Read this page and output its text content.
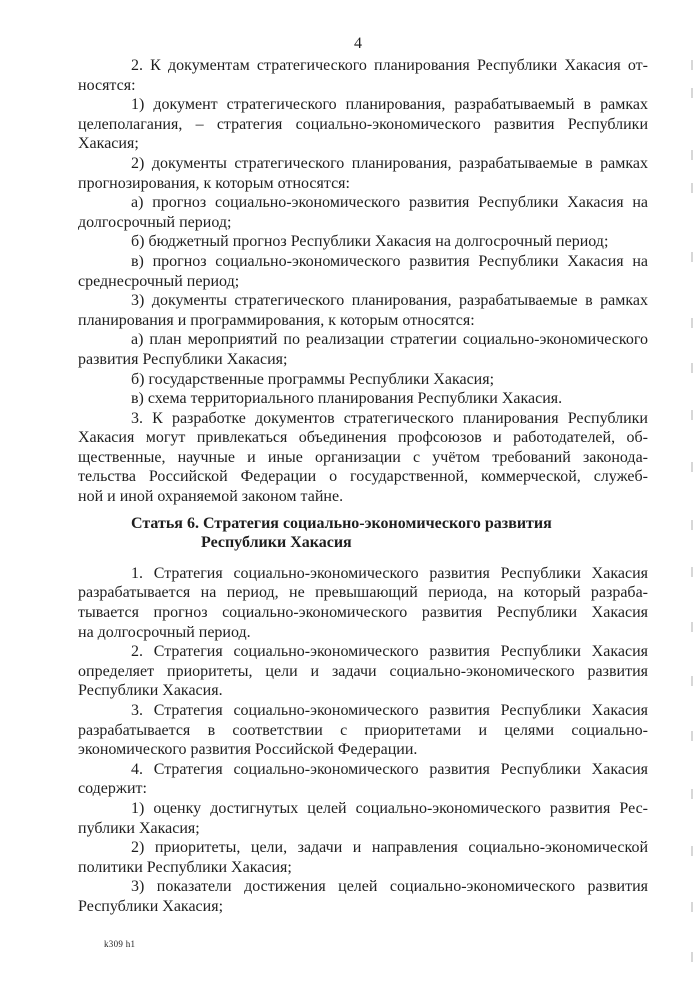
4
2. К документам стратегического планирования Республики Хакасия от-
носятся:
1) документ стратегического планирования, разрабатываемый в рамках
целеполагания, – стратегия социально-экономического развития Республики
Хакасия;
2) документы стратегического планирования, разрабатываемые в рамках
прогнозирования, к которым относятся:
а) прогноз социально-экономического развития Республики Хакасия на
долгосрочный период;
б) бюджетный прогноз Республики Хакасия на долгосрочный период;
в) прогноз социально-экономического развития Республики Хакасия на
среднесрочный период;
3) документы стратегического планирования, разрабатываемые в рамках
планирования и программирования, к которым относятся:
а) план мероприятий по реализации стратегии социально-экономического
развития Республики Хакасия;
б) государственные программы Республики Хакасия;
в) схема территориального планирования Республики Хакасия.
3. К разработке документов стратегического планирования Республики
Хакасия могут привлекаться объединения профсоюзов и работодателей, об-
щественные, научные и иные организации с учётом требований законода-
тельства Российской Федерации о государственной, коммерческой, служеб-
ной и иной охраняемой законом тайне.
Статья 6. Стратегия социально-экономического развития
Республики Хакасия
1. Стратегия социально-экономического развития Республики Хакасия
разрабатывается на период, не превышающий периода, на который разраба-
тывается прогноз социально-экономического развития Республики Хакасия
на долгосрочный период.
2. Стратегия социально-экономического развития Республики Хакасия
определяет приоритеты, цели и задачи социально-экономического развития
Республики Хакасия.
3. Стратегия социально-экономического развития Республики Хакасия
разрабатывается в соответствии с приоритетами и целями социально-
экономического развития Российской Федерации.
4. Стратегия социально-экономического развития Республики Хакасия
содержит:
1) оценку достигнутых целей социально-экономического развития Рес-
публики Хакасия;
2) приоритеты, цели, задачи и направления социально-экономической
политики Республики Хакасия;
3) показатели достижения целей социально-экономического развития
Республики Хакасия;
k309 h1
